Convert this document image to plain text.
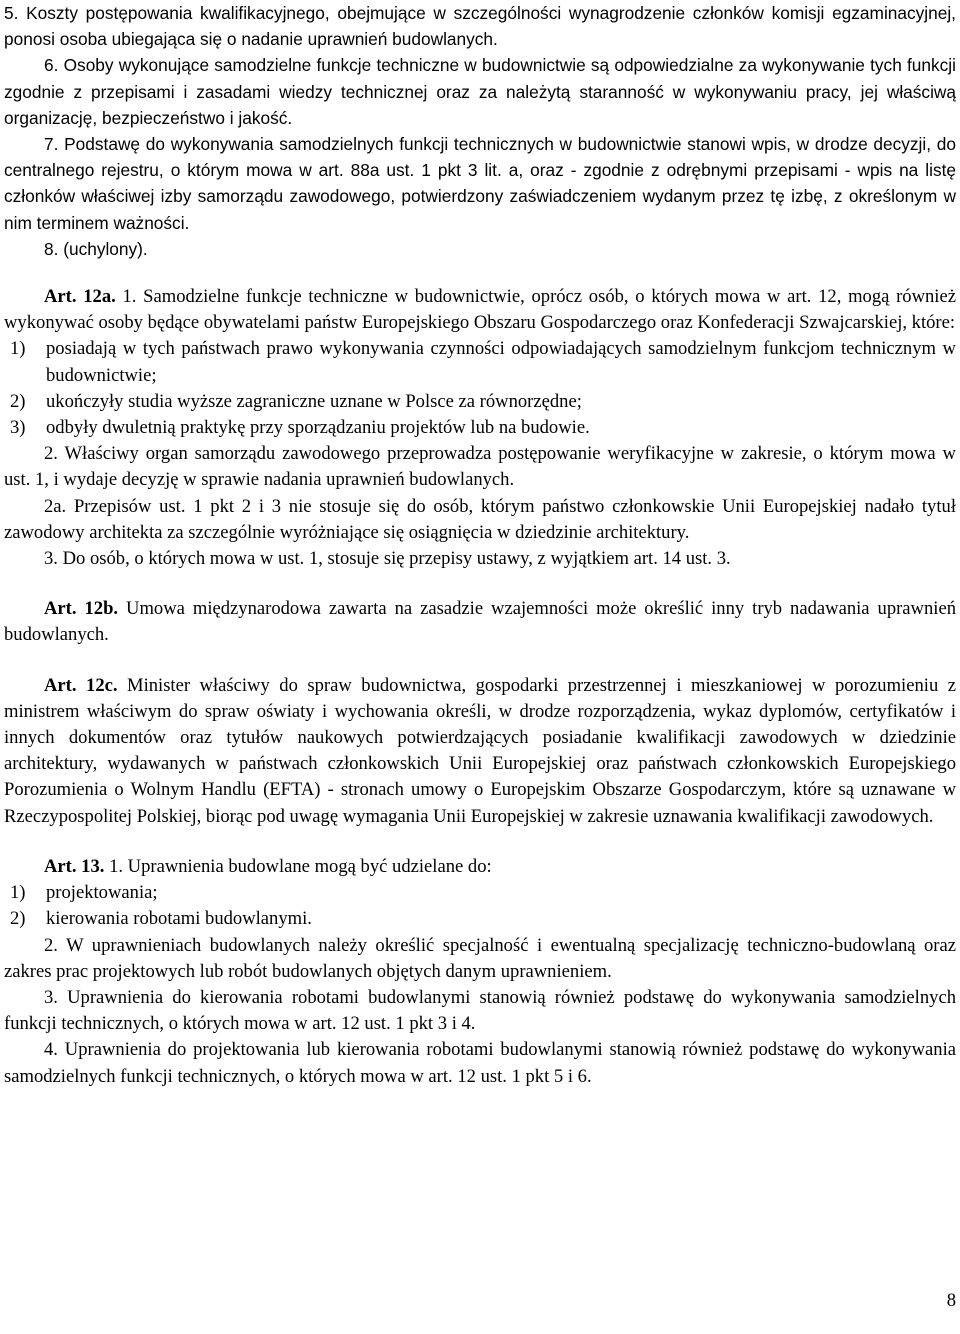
5. Koszty postępowania kwalifikacyjnego, obejmujące w szczególności wynagrodzenie członków komisji egzaminacyjnej, ponosi osoba ubiegająca się o nadanie uprawnień budowlanych.

6. Osoby wykonujące samodzielne funkcje techniczne w budownictwie są odpowiedzialne za wykonywanie tych funkcji zgodnie z przepisami i zasadami wiedzy technicznej oraz za należytą staranność w wykonywaniu pracy, jej właściwą organizację, bezpieczeństwo i jakość.

7. Podstawę do wykonywania samodzielnych funkcji technicznych w budownictwie stanowi wpis, w drodze decyzji, do centralnego rejestru, o którym mowa w art. 88a ust. 1 pkt 3 lit. a, oraz - zgodnie z odrębnymi przepisami - wpis na listę członków właściwej izby samorządu zawodowego, potwierdzony zaświadczeniem wydanym przez tę izbę, z określonym w nim terminem ważności.

8. (uchylony).

Art. 12a. 1. Samodzielne funkcje techniczne w budownictwie, oprócz osób, o których mowa w art. 12, mogą również wykonywać osoby będące obywatelami państw Europejskiego Obszaru Gospodarczego oraz Konfederacji Szwajcarskiej, które:

1)	posiadają w tych państwach prawo wykonywania czynności odpowiadających samodzielnym funkcjom technicznym w budownictwie;
2)	ukończyły studia wyższe zagraniczne uznane w Polsce za równorzędne;
3)	odbyły dwuletnią praktykę przy sporządzaniu projektów lub na budowie.

2. Właściwy organ samorządu zawodowego przeprowadza postępowanie weryfikacyjne w zakresie, o którym mowa w ust. 1, i wydaje decyzję w sprawie nadania uprawnień budowlanych.

2a. Przepisów ust. 1 pkt 2 i 3 nie stosuje się do osób, którym państwo członkowskie Unii Europejskiej nadało tytuł zawodowy architekta za szczególnie wyróżniające się osiągnięcia w dziedzinie architektury.

3. Do osób, o których mowa w ust. 1, stosuje się przepisy ustawy, z wyjątkiem art. 14 ust. 3.

Art. 12b. Umowa międzynarodowa zawarta na zasadzie wzajemności może określić inny tryb nadawania uprawnień budowlanych.

Art. 12c. Minister właściwy do spraw budownictwa, gospodarki przestrzennej i mieszkaniowej w porozumieniu z ministrem właściwym do spraw oświaty i wychowania określi, w drodze rozporządzenia, wykaz dyplomów, certyfikatów i innych dokumentów oraz tytułów naukowych potwierdzających posiadanie kwalifikacji zawodowych w dziedzinie architektury, wydawanych w państwach członkowskich Unii Europejskiej oraz państwach członkowskich Europejskiego Porozumienia o Wolnym Handlu (EFTA) - stronach umowy o Europejskim Obszarze Gospodarczym, które są uznawane w Rzeczypospolitej Polskiej, biorąc pod uwagę wymagania Unii Europejskiej w zakresie uznawania kwalifikacji zawodowych.

Art. 13. 1. Uprawnienia budowlane mogą być udzielane do:

1)	projektowania;
2)	kierowania robotami budowlanymi.

2. W uprawnieniach budowlanych należy określić specjalność i ewentualną specjalizację techniczno-budowlaną oraz zakres prac projektowych lub robót budowlanych objętych danym uprawnieniem.

3. Uprawnienia do kierowania robotami budowlanymi stanowią również podstawę do wykonywania samodzielnych funkcji technicznych, o których mowa w art. 12 ust. 1 pkt 3 i 4.

4. Uprawnienia do projektowania lub kierowania robotami budowlanymi stanowią również podstawę do wykonywania samodzielnych funkcji technicznych, o których mowa w art. 12 ust. 1 pkt 5 i 6.

8
